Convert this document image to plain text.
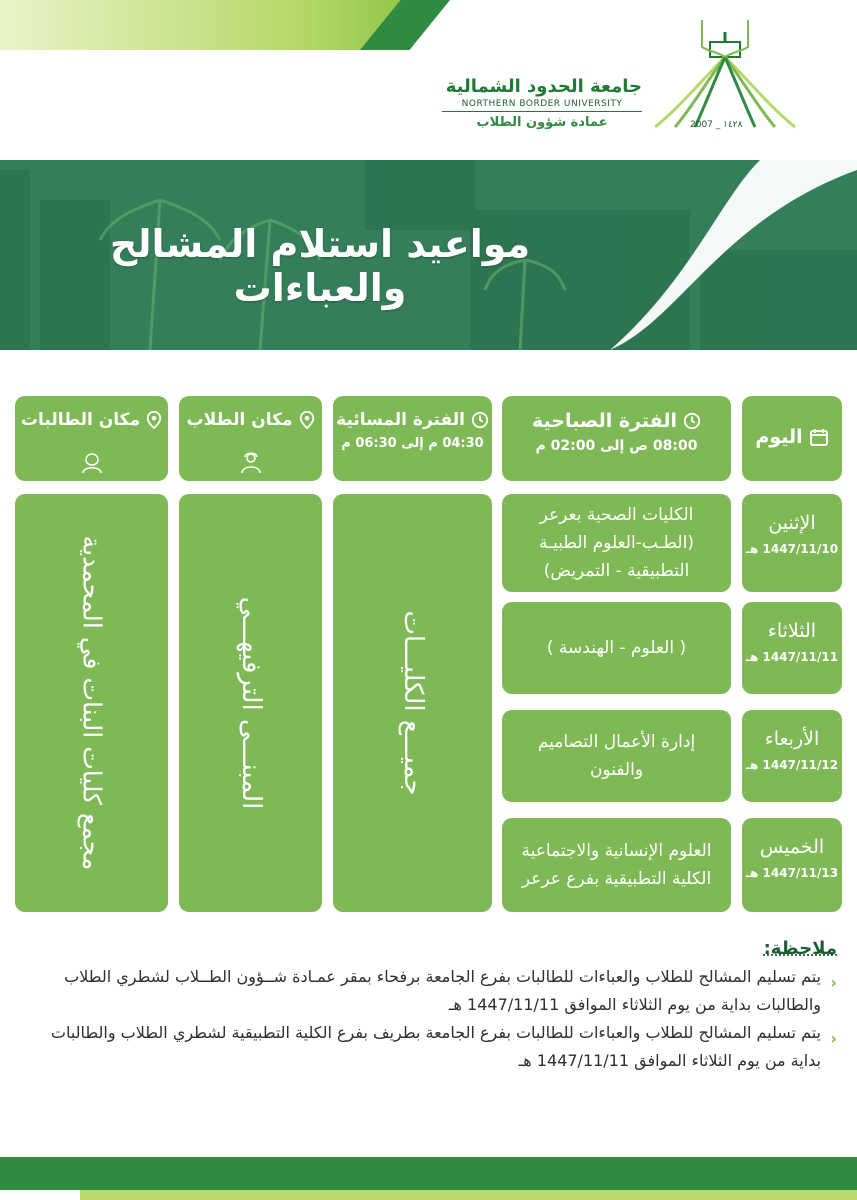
جامعة الحدود الشمالية
NORTHERN BORDER UNIVERSITY
عمادة شؤون الطلاب	2007 _ ١٤٢٨
مواعيد استلام المشالح والعباءات
اليوم
الفترة الصباحية
08:00 ص إلى 02:00 م
الفترة المسائية
04:30 م إلى 06:30 م
مكان الطلاب
مكان الطالبات
الإثنين
1447/11/10 هـ
الثلاثاء
1447/11/11 هـ
الأربعاء
1447/11/12 هـ
الخميس
1447/11/13 هـ
الكليات الصحية بعرعر (الطـب-العلوم الطبيـة التطبيقية - التمريض)
( العلوم - الهندسة )
إدارة الأعمال التصاميم والفنون
العلوم الإنسانية والاجتماعية الكلية التطبيقية بفرع عرعر
جميـــع الكليـــات
المبنـــى الترفيهـــي
مجمع كليات البنات في المحمدية
ملاحظة:
‹
يتم تسليم المشالح للطلاب والعباءات للطالبات بفرع الجامعة برفحاء بمقر عمـادة شــؤون الطــلاب لشطري الطلاب والطالبات بداية من يوم الثلاثاء الموافق 1447/11/11 هـ
‹
يتم تسليم المشالح للطلاب والعباءات للطالبات بفرع الجامعة بطريف بفرع الكلية التطبيقية لشطري الطلاب والطالبات بداية من يوم الثلاثاء الموافق 1447/11/11 هـ
